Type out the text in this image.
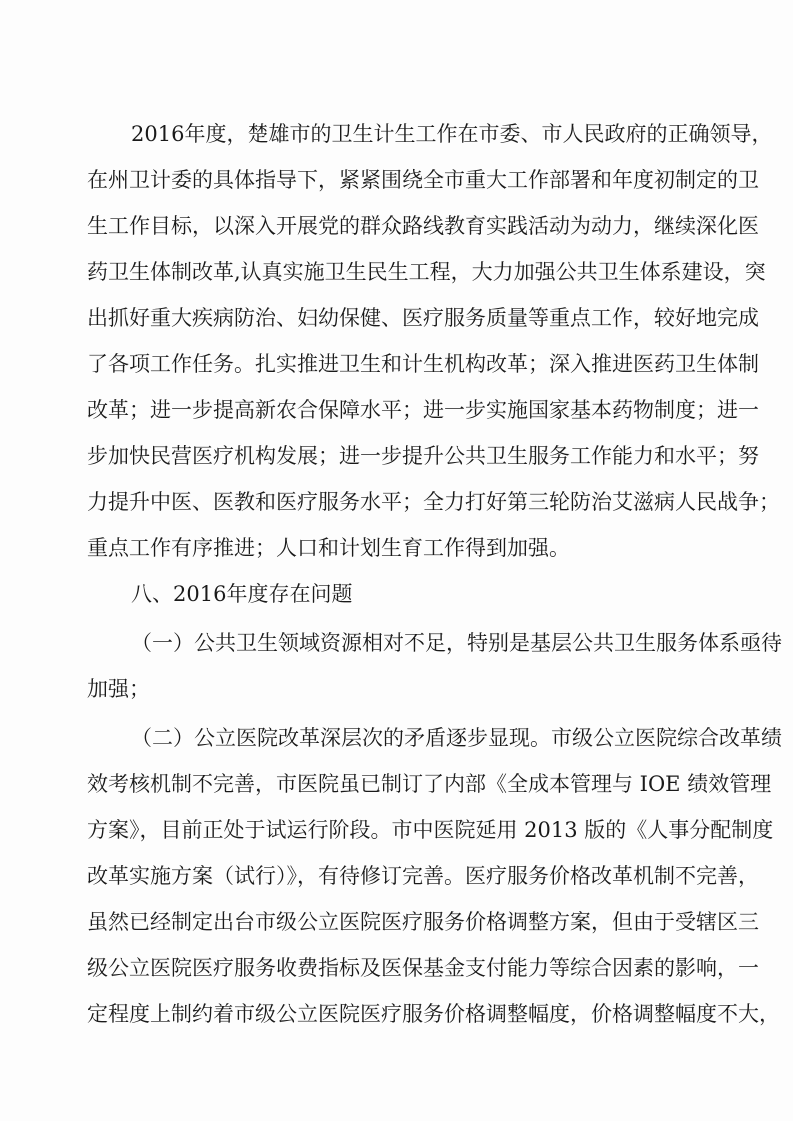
2016年度，楚雄市的卫生计生工作在市委、市人民政府的正确领导，
在州卫计委的具体指导下，紧紧围绕全市重大工作部署和年度初制定的卫
生工作目标，以深入开展党的群众路线教育实践活动为动力，继续深化医
药卫生体制改革,认真实施卫生民生工程，大力加强公共卫生体系建设，突
出抓好重大疾病防治、妇幼保健、医疗服务质量等重点工作，较好地完成
了各项工作任务。扎实推进卫生和计生机构改革；深入推进医药卫生体制
改革；进一步提高新农合保障水平；进一步实施国家基本药物制度；进一
步加快民营医疗机构发展；进一步提升公共卫生服务工作能力和水平；努
力提升中医、医教和医疗服务水平；全力打好第三轮防治艾滋病人民战争；
重点工作有序推进；人口和计划生育工作得到加强。
八、2016年度存在问题
（一）公共卫生领域资源相对不足，特别是基层公共卫生服务体系亟待
加强；
（二）公立医院改革深层次的矛盾逐步显现。市级公立医院综合改革绩
效考核机制不完善，市医院虽已制订了内部《全成本管理与 IOE 绩效管理
方案》，目前正处于试运行阶段。市中医院延用 2013 版的《人事分配制度
改革实施方案（试行）》，有待修订完善。医疗服务价格改革机制不完善，
虽然已经制定出台市级公立医院医疗服务价格调整方案，但由于受辖区三
级公立医院医疗服务收费指标及医保基金支付能力等综合因素的影响，一
定程度上制约着市级公立医院医疗服务价格调整幅度，价格调整幅度不大，
